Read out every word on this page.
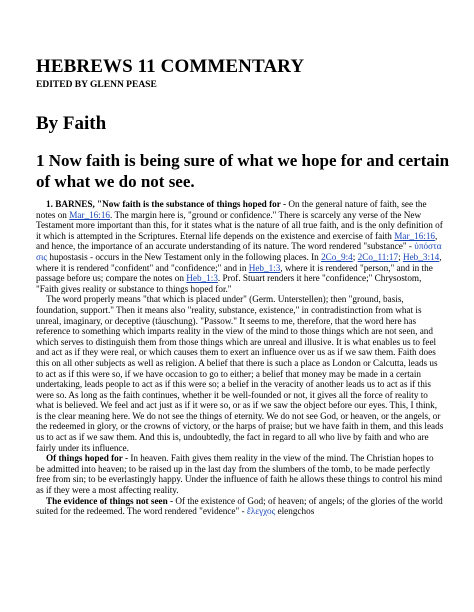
HEBREWS 11 COMMENTARY
EDITED BY GLENN PEASE
By Faith
1 Now faith is being sure of what we hope for and certain of what we do not see.

1. BARNES, "Now faith is the substance of things hoped for - On the general nature of faith, see the notes on Mar_16:16. The margin here is, "ground or confidence." There is scarcely any verse of the New Testament more important than this, for it states what is the nature of all true faith, and is the only definition of it which is attempted in the Scriptures. Eternal life depends on the existence and exercise of faith Mar_16:16, and hence, the importance of an accurate understanding of its nature. The word rendered "substance" - ὑπόστα σις hupostasis - occurs in the New Testament only in the following places. In 2Co_9:4; 2Co_11:17; Heb_3:14, where it is rendered "confident" and "confidence;" and in Heb_1:3, where it is rendered "person," and in the passage before us; compare the notes on Heb_1:3. Prof. Stuart renders it here "confidence;" Chrysostom, "Faith gives reality or substance to things hoped for."

The word properly means "that which is placed under" (Germ. Unterstellen); then "ground, basis, foundation, support." Then it means also "reality, substance, existence," in contradistinction from what is unreal, imaginary, or deceptive (täuschung). "Passow." It seems to me, therefore, that the word here has reference to something which imparts reality in the view of the mind to those things which are not seen, and which serves to distinguish them from those things which are unreal and illusive. It is what enables us to feel and act as if they were real, or which causes them to exert an influence over us as if we saw them. Faith does this on all other subjects as well as religion. A belief that there is such a place as London or Calcutta, leads us to act as if this were so, if we have occasion to go to either; a belief that money may be made in a certain undertaking, leads people to act as if this were so; a belief in the veracity of another leads us to act as if this were so. As long as the faith continues, whether it be well-founded or not, it gives all the force of reality to what is believed. We feel and act just as if it were so, or as if we saw the object before our eyes. This, I think, is the clear meaning here. We do not see the things of eternity. We do not see God, or heaven, or the angels, or the redeemed in glory, or the crowns of victory, or the harps of praise; but we have faith in them, and this leads us to act as if we saw them. And this is, undoubtedly, the fact in regard to all who live by faith and who are fairly under its influence.

Of things hoped for - In heaven. Faith gives them reality in the view of the mind. The Christian hopes to be admitted into heaven; to be raised up in the last day from the slumbers of the tomb, to be made perfectly free from sin; to be everlastingly happy. Under the influence of faith he allows these things to control his mind as if they were a most affecting reality.

The evidence of things not seen - Of the existence of God; of heaven; of angels; of the glories of the world suited for the redeemed. The word rendered "evidence" - ἔλεγχος elengchos
